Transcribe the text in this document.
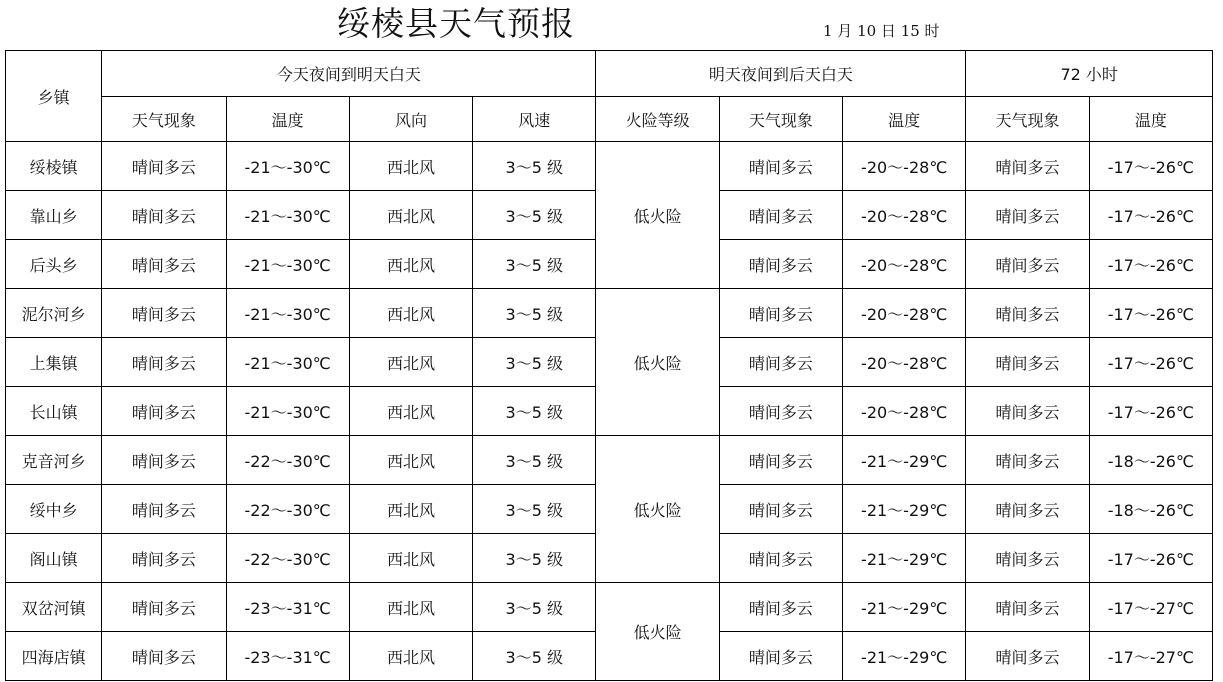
绥棱县天气预报	1 月 10 日 15 时
乡镇	今天夜间到明天白天				明天夜间到后天白天			72 小时	
	天气现象	温度	风向	风速	火险等级	天气现象	温度	天气现象	温度
绥棱镇	晴间多云	-21～-30℃	西北风	3～5 级	低火险	晴间多云	-20～-28℃	晴间多云	-17～-26℃
靠山乡	晴间多云	-21～-30℃	西北风	3～5 级		晴间多云	-20～-28℃	晴间多云	-17～-26℃
后头乡	晴间多云	-21～-30℃	西北风	3～5 级		晴间多云	-20～-28℃	晴间多云	-17～-26℃
泥尔河乡	晴间多云	-21～-30℃	西北风	3～5 级	低火险	晴间多云	-20～-28℃	晴间多云	-17～-26℃
上集镇	晴间多云	-21～-30℃	西北风	3～5 级		晴间多云	-20～-28℃	晴间多云	-17～-26℃
长山镇	晴间多云	-21～-30℃	西北风	3～5 级		晴间多云	-20～-28℃	晴间多云	-17～-26℃
克音河乡	晴间多云	-22～-30℃	西北风	3～5 级	低火险	晴间多云	-21～-29℃	晴间多云	-18～-26℃
绥中乡	晴间多云	-22～-30℃	西北风	3～5 级		晴间多云	-21～-29℃	晴间多云	-18～-26℃
阁山镇	晴间多云	-22～-30℃	西北风	3～5 级		晴间多云	-21～-29℃	晴间多云	-17～-26℃
双岔河镇	晴间多云	-23～-31℃	西北风	3～5 级	低火险	晴间多云	-21～-29℃	晴间多云	-17～-27℃
四海店镇	晴间多云	-23～-31℃	西北风	3～5 级		晴间多云	-21～-29℃	晴间多云	-17～-27℃
